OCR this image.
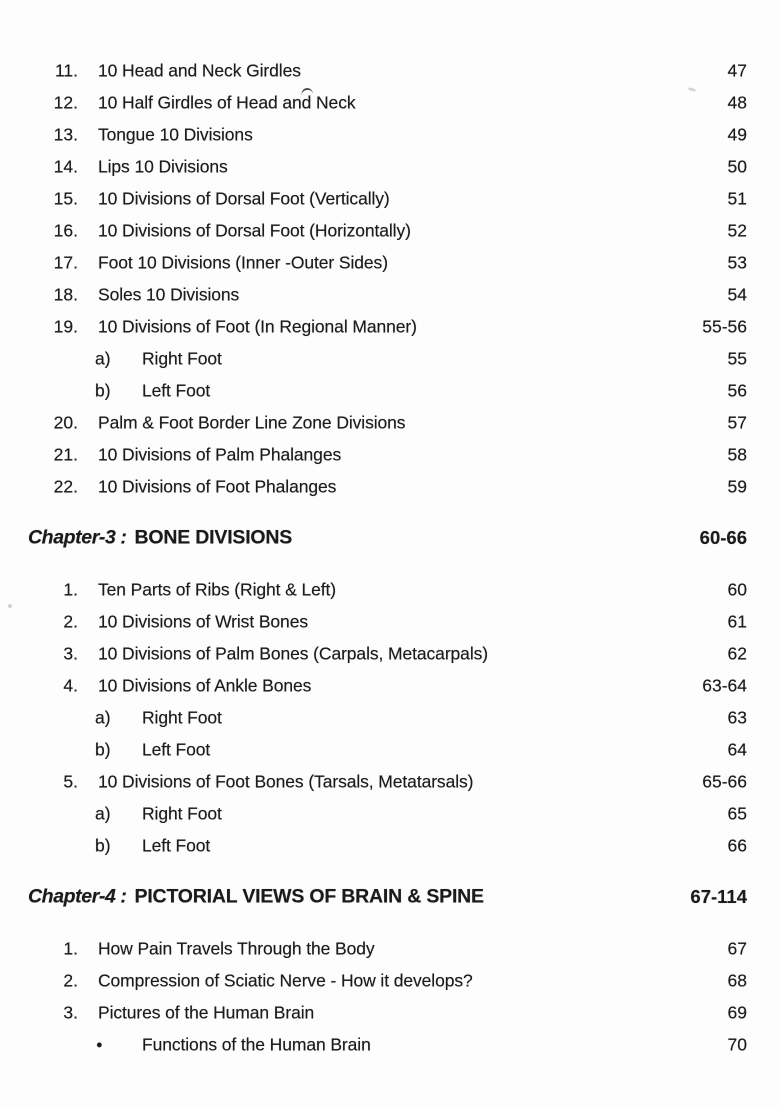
11. 10 Head and Neck Girdles	47
12. 10 Half Girdles of Head and Neck	48
13. Tongue 10 Divisions	49
14. Lips 10 Divisions	50
15. 10 Divisions of Dorsal Foot (Vertically)	51
16. 10 Divisions of Dorsal Foot (Horizontally)	52
17. Foot 10 Divisions (Inner -Outer Sides)	53
18. Soles 10 Divisions	54
19. 10 Divisions of Foot (In Regional Manner)	55-56
a)	Right Foot	55
b)	Left Foot	56
20. Palm & Foot Border Line Zone Divisions	57
21. 10 Divisions of Palm Phalanges	58
22. 10 Divisions of Foot Phalanges	59
Chapter-3 : BONE DIVISIONS	60-66
1. Ten Parts of Ribs (Right & Left)	60
2. 10 Divisions of Wrist Bones	61
3. 10 Divisions of Palm Bones (Carpals, Metacarpals)	62
4. 10 Divisions of Ankle Bones	63-64
a)	Right Foot	63
b)	Left Foot	64
5. 10 Divisions of Foot Bones (Tarsals, Metatarsals)	65-66
a)	Right Foot	65
b)	Left Foot	66
Chapter-4 : PICTORIAL VIEWS OF BRAIN & SPINE	67-114
1. How Pain Travels Through the Body	67
2. Compression of Sciatic Nerve - How it develops?	68
3. Pictures of the Human Brain	69
●	Functions of the Human Brain	70
